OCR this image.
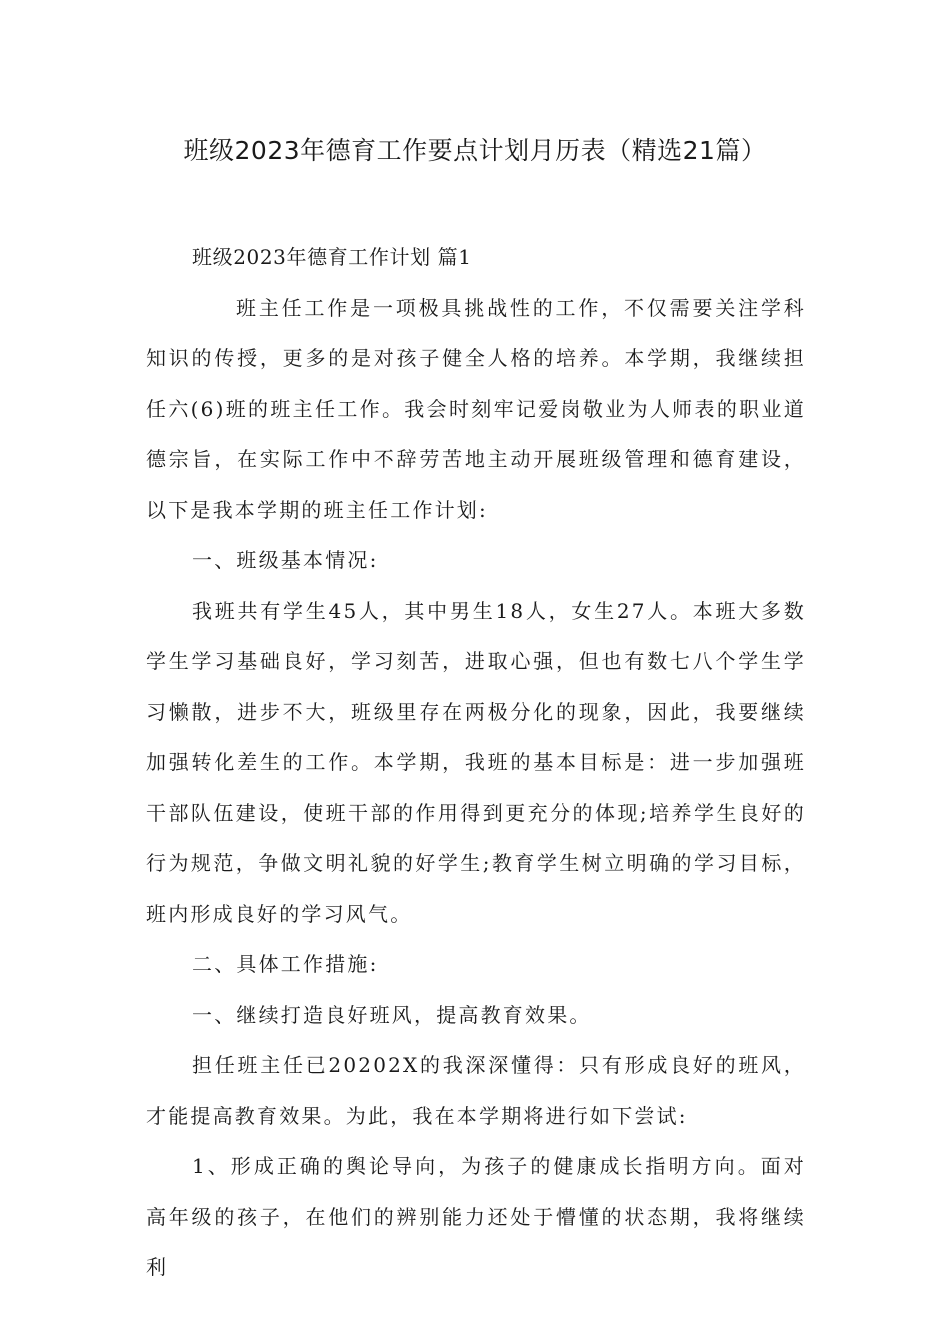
班级2023年德育工作要点计划月历表（精选21篇）

班级2023年德育工作计划 篇1

班主任工作是一项极具挑战性的工作，不仅需要关注学科知识的传授，更多的是对孩子健全人格的培养。本学期，我继续担任六(6)班的班主任工作。我会时刻牢记爱岗敬业为人师表的职业道德宗旨，在实际工作中不辞劳苦地主动开展班级管理和德育建设，以下是我本学期的班主任工作计划:

一、班级基本情况:

我班共有学生45人，其中男生18人，女生27人。本班大多数学生学习基础良好，学习刻苦，进取心强，但也有数七八个学生学习懒散，进步不大，班级里存在两极分化的现象，因此，我要继续加强转化差生的工作。本学期，我班的基本目标是：进一步加强班干部队伍建设，使班干部的作用得到更充分的体现;培养学生良好的行为规范，争做文明礼貌的好学生;教育学生树立明确的学习目标，班内形成良好的学习风气。

二、具体工作措施:

一、继续打造良好班风，提高教育效果。

担任班主任已20202X的我深深懂得：只有形成良好的班风，才能提高教育效果。为此，我在本学期将进行如下尝试:

1、形成正确的舆论导向，为孩子的健康成长指明方向。面对高年级的孩子，在他们的辨别能力还处于懵懂的状态期，我将继续利
